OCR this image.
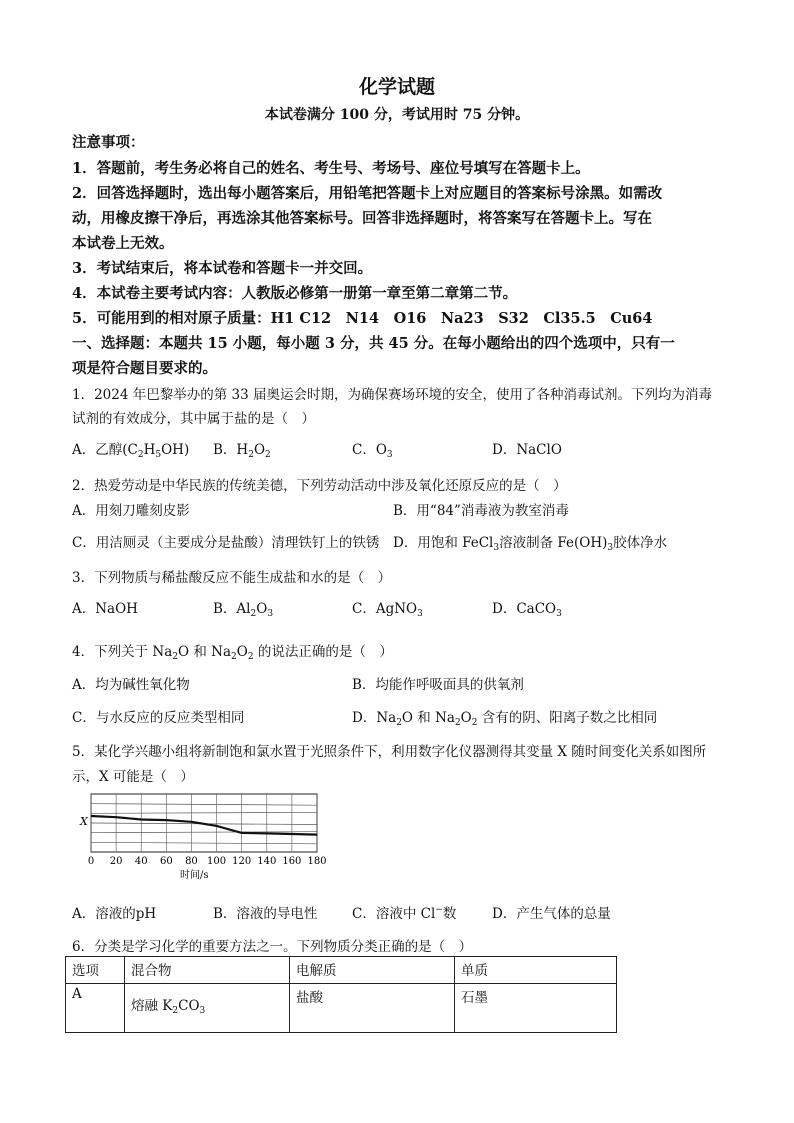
化学试题
本试卷满分 100 分，考试用时 75 分钟。
注意事项：
1．答题前，考生务必将自己的姓名、考生号、考场号、座位号填写在答题卡上。
2．回答选择题时，选出每小题答案后，用铅笔把答题卡上对应题目的答案标号涂黑。如需改
动，用橡皮擦干净后，再选涂其他答案标号。回答非选择题时，将答案写在答题卡上。写在
本试卷上无效。
3．考试结束后，将本试卷和答题卡一并交回。
4．本试卷主要考试内容：人教版必修第一册第一章至第二章第二节。
5．可能用到的相对原子质量：H1 C12　N14　O16　Na23　S32　Cl35.5　Cu64
一、选择题：本题共 15 小题，每小题 3 分，共 45 分。在每小题给出的四个选项中，只有一
项是符合题目要求的。
1．2024 年巴黎举办的第 33 届奥运会时期，为确保赛场环境的安全，使用了各种消毒试剂。下列均为消毒
试剂的有效成分，其中属于盐的是（　）
A．乙醇$(C_2H_5OH)$ B．$H_2O_2$	C．$O_3$	D．NaClO
2．热爱劳动是中华民族的传统美德，下列劳动活动中涉及氧化还原反应的是（　）
A．用刻刀雕刻皮影	B．用“84”消毒液为教室消毒
C．用洁厕灵（主要成分是盐酸）清理铁钉上的铁锈 D．用饱和 FeCl$_3$溶液制备 $Fe(OH)_3$胶体净水
3．下列物质与稀盐酸反应不能生成盐和水的是（　）
A．NaOH	B．$Al_2O_3$	C．AgNO$_3$	D．CaCO$_3$
4．下列关于 $Na_2O$ 和 $Na_2O_2$ 的说法正确的是（　）
A．均为碱性氧化物	B．均能作呼吸面具的供氧剂
C．与水反应的反应类型相同	D．$Na_2O$ 和 $Na_2O_2$ 含有的阴、阳离子数之比相同
5．某化学兴趣小组将新制饱和氯水置于光照条件下，利用数字化仪器测得其变量 X 随时间变化关系如图所
示，X 可能是（　）
X
0 20 40 60 80 100 120 140 160 180
时间/s
A．溶液的pH	B．溶液的导电性	C．溶液中 Cl−数	D．产生气体的总量
6．分类是学习化学的重要方法之一。下列物质分类正确的是（　）
选项	混合物	电解质	单质
A	熔融 $K_2CO_3$	盐酸	石墨
